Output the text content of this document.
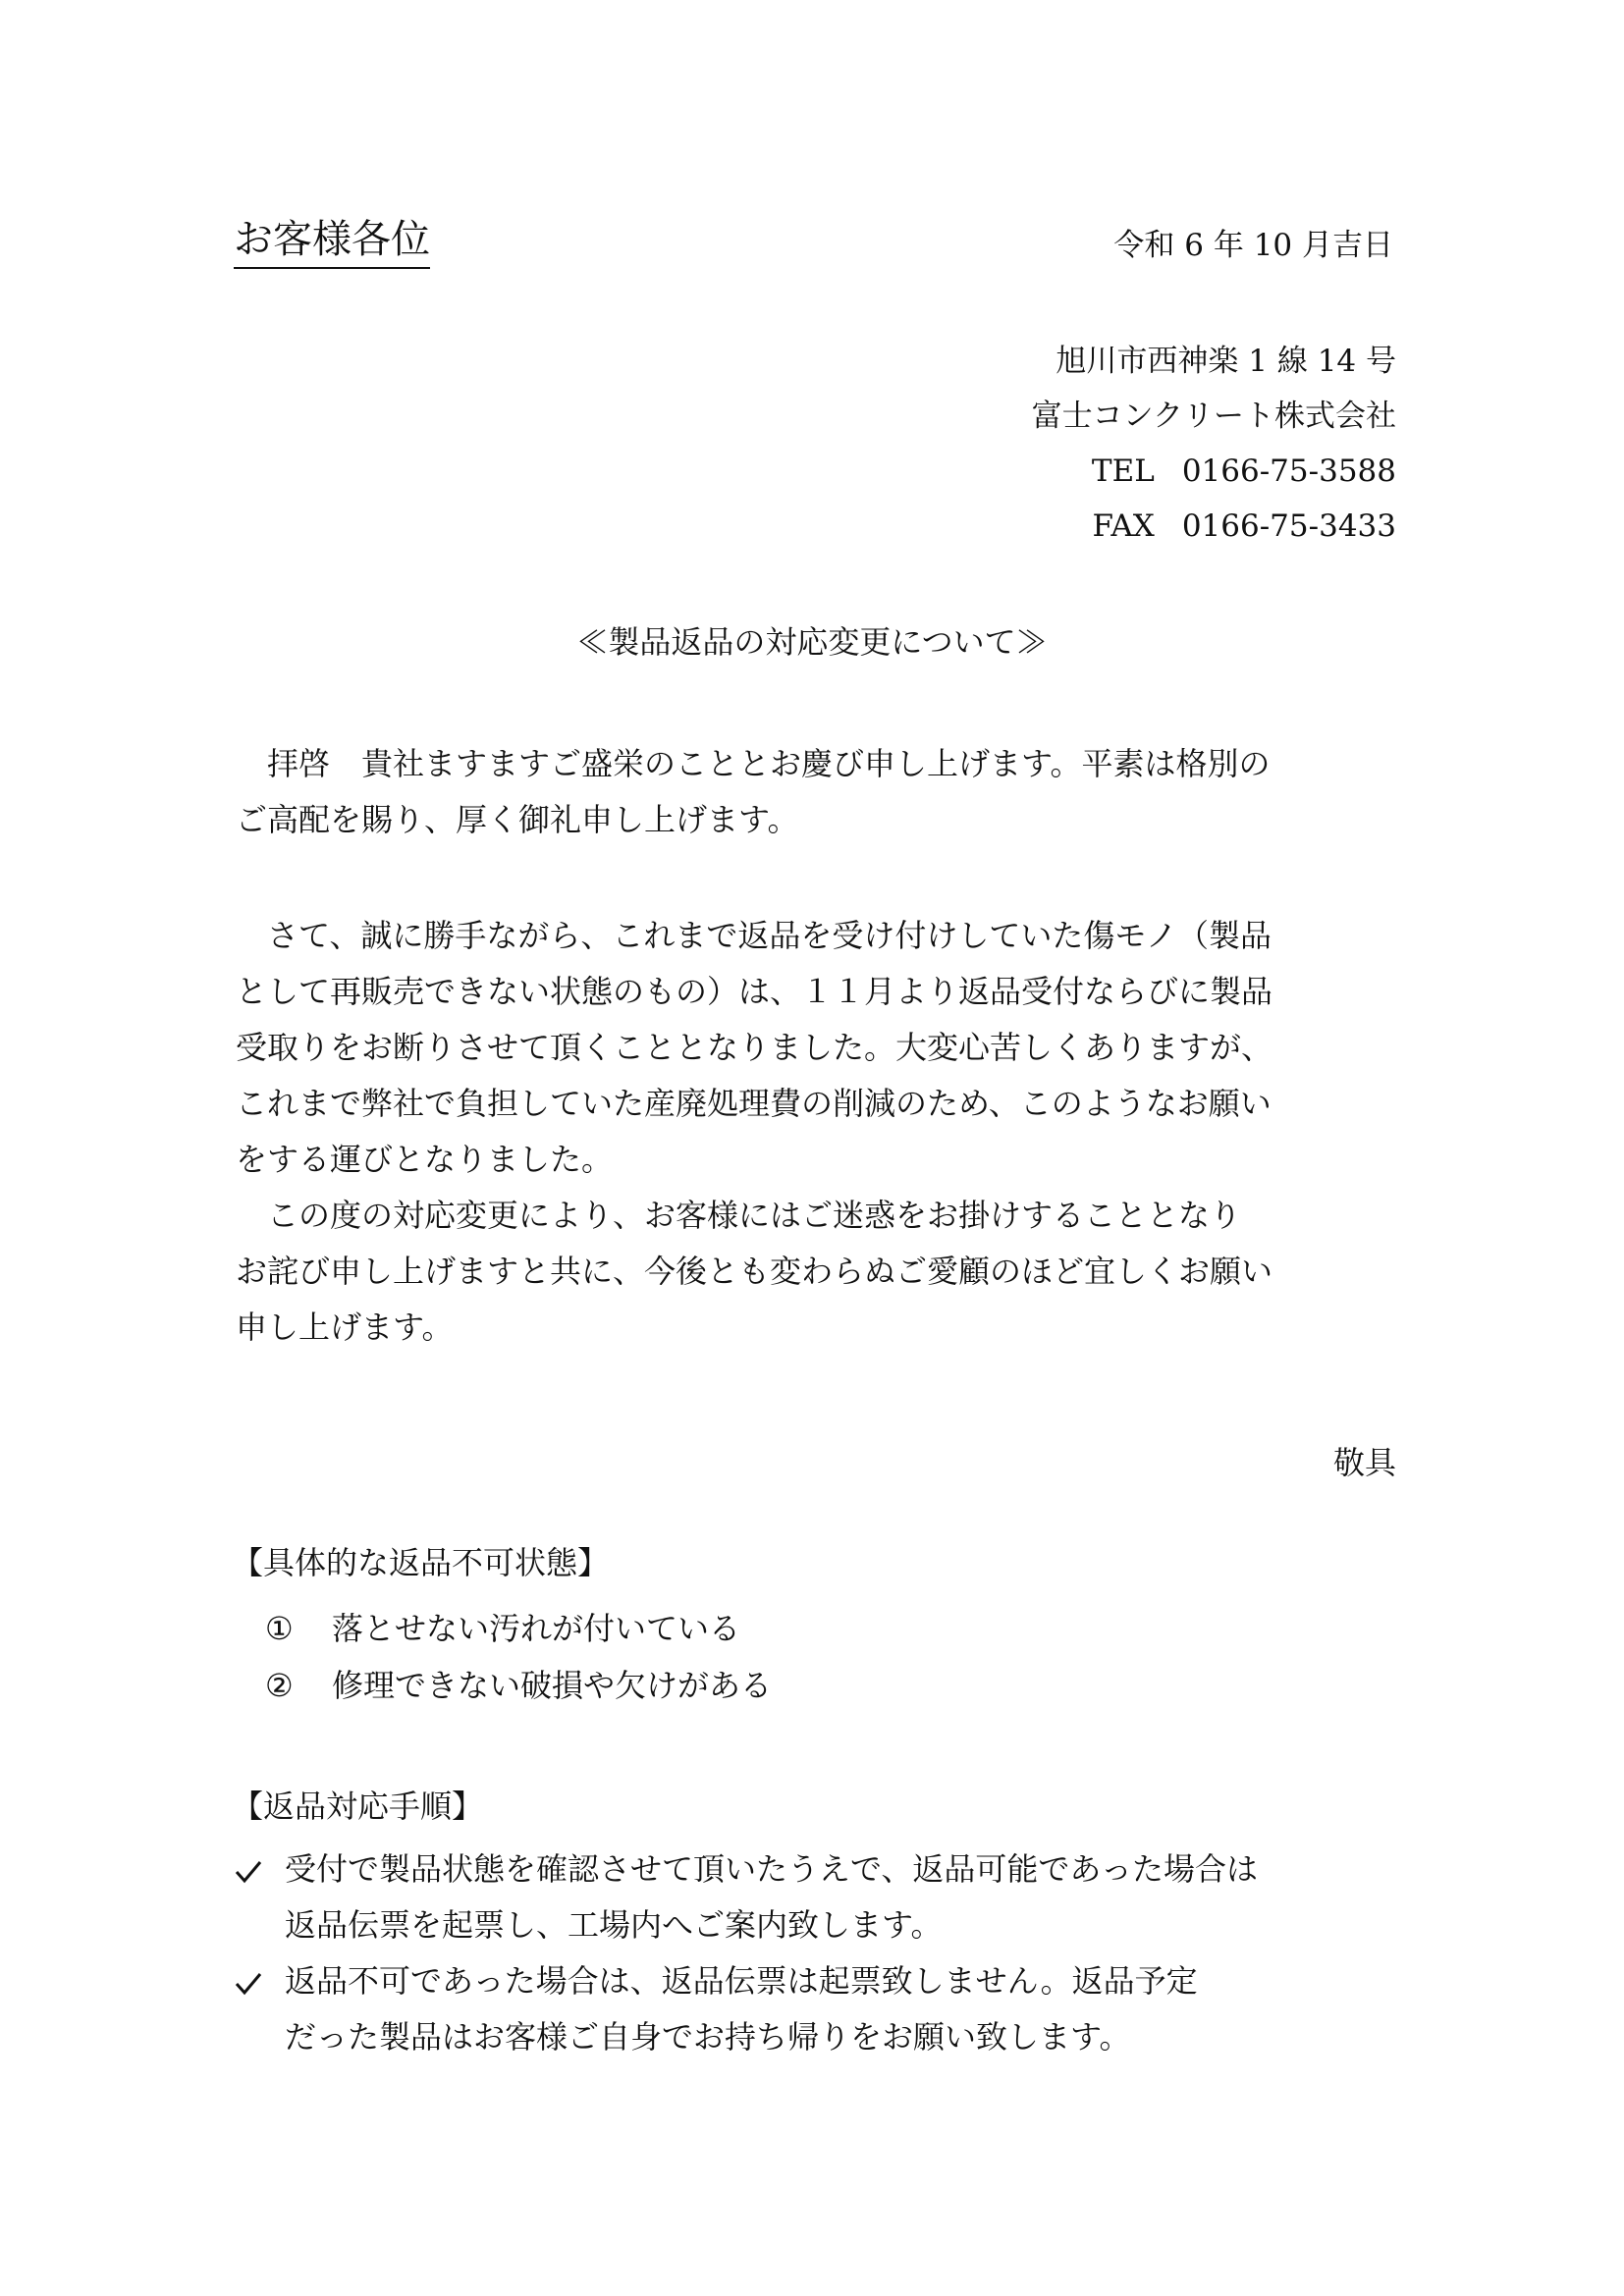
お客様各位	令和 6 年 10 月吉日
旭川市西神楽 1 線 14 号
富士コンクリート株式会社
TEL 0166-75-3588
FAX 0166-75-3433
≪製品返品の対応変更について≫
　拝啓　貴社ますますご盛栄のこととお慶び申し上げます。平素は格別の
ご高配を賜り、厚く御礼申し上げます。
　さて、誠に勝手ながら、これまで返品を受け付けしていた傷モノ（製品
として再販売できない状態のもの）は、１１月より返品受付ならびに製品
受取りをお断りさせて頂くこととなりました。大変心苦しくありますが、
これまで弊社で負担していた産廃処理費の削減のため、このようなお願い
をする運びとなりました。
　この度の対応変更により、お客様にはご迷惑をお掛けすることとなり
お詫び申し上げますと共に、今後とも変わらぬご愛顧のほど宜しくお願い
申し上げます。
敬具
【具体的な返品不可状態】
① 落とせない汚れが付いている
② 修理できない破損や欠けがある
【返品対応手順】
受付で製品状態を確認させて頂いたうえで、返品可能であった場合は
返品伝票を起票し、工場内へご案内致します。
返品不可であった場合は、返品伝票は起票致しません。返品予定
だった製品はお客様ご自身でお持ち帰りをお願い致します。
